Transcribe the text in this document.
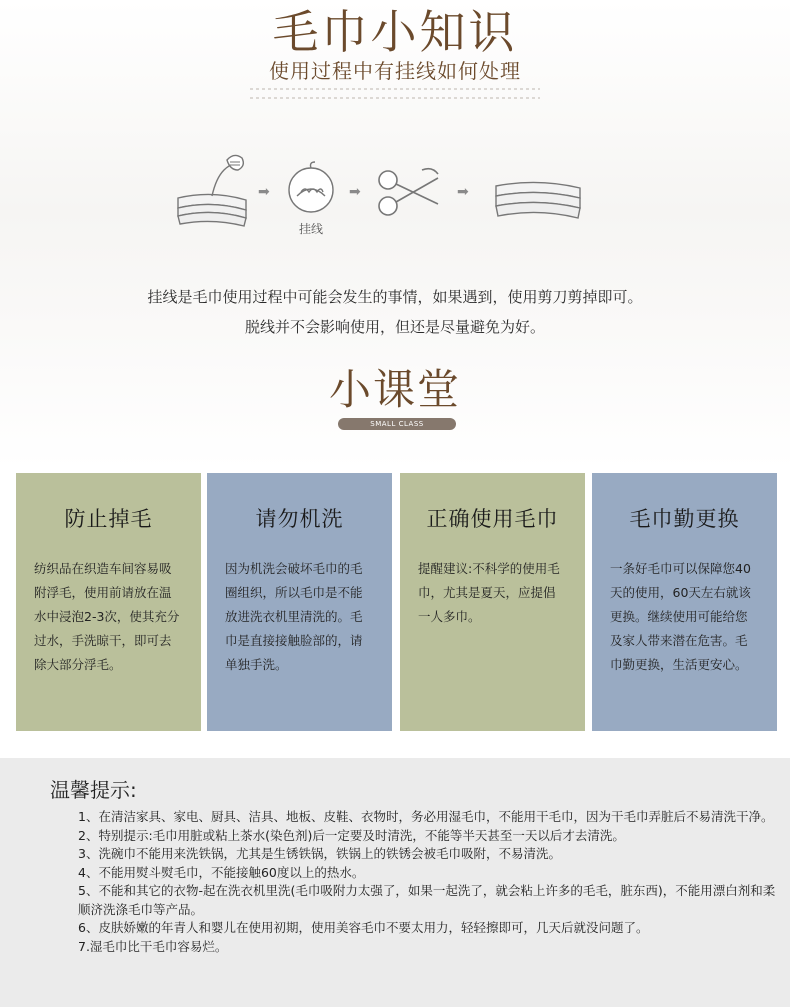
毛巾小知识
使用过程中有挂线如何处理
➡
挂线
➡	➡
挂线是毛巾使用过程中可能会发生的事情，如果遇到，使用剪刀剪掉即可。
脱线并不会影响使用，但还是尽量避免为好。
小课堂
SMALL CLASS
防止掉毛
纺织品在织造车间容易吸附浮毛，使用前请放在温水中浸泡2-3次，使其充分过水，手洗晾干，即可去除大部分浮毛。
请勿机洗
因为机洗会破坏毛巾的毛圈组织，所以毛巾是不能放进洗衣机里清洗的。毛巾是直接接触脸部的，请单独手洗。
正确使用毛巾
提醒建议:不科学的使用毛巾，尤其是夏天，应提倡一人多巾。
毛巾勤更换
一条好毛巾可以保障您40天的使用，60天左右就该更换。继续使用可能给您及家人带来潜在危害。毛巾勤更换，生活更安心。
温馨提示:

1、在清洁家具、家电、厨具、洁具、地板、皮鞋、衣物时，务必用湿毛巾，不能用干毛巾，因为干毛巾弄脏后不易清洗干净。

2、特别提示:毛巾用脏或粘上茶水(染色剂)后一定要及时清洗，不能等半天甚至一天以后才去清洗。

3、洗碗巾不能用来洗铁锅，尤其是生锈铁锅，铁锅上的铁锈会被毛巾吸附，不易清洗。

4、不能用熨斗熨毛巾，不能接触60度以上的热水。

5、不能和其它的衣物-起在洗衣机里洗(毛巾吸附力太强了，如果一起洗了，就会粘上许多的毛毛，脏东西)，不能用漂白剂和柔顺济洗涤毛巾等产品。

6、皮肤娇嫩的年青人和婴儿在使用初期，使用美容毛巾不要太用力，轻轻擦即可，几天后就没问题了。

7.湿毛巾比干毛巾容易烂。
